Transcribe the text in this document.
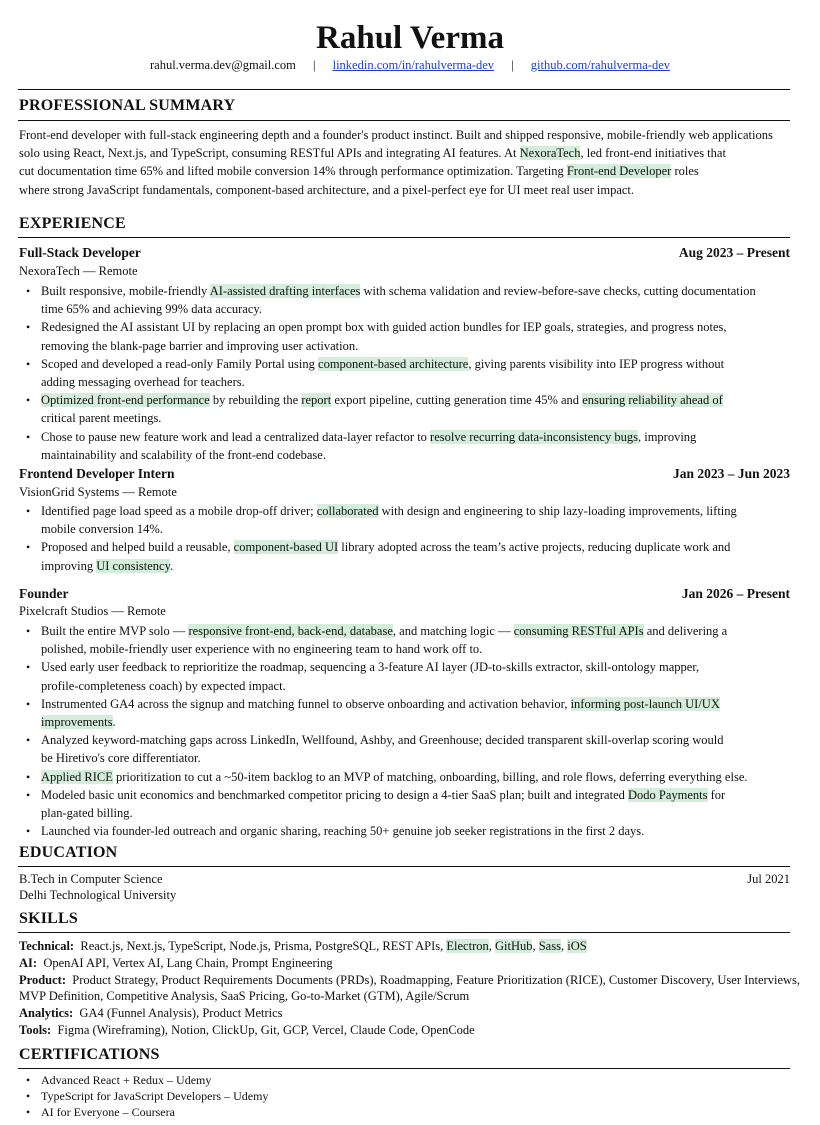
Rahul Verma
rahul.verma.dev@gmail.com | linkedin.com/in/rahulverma-dev | github.com/rahulverma-dev
PROFESSIONAL SUMMARY
Front-end developer with full-stack engineering depth and a founder's product instinct. Built and shipped responsive, mobile-friendly web applications
solo using React, Next.js, and TypeScript, consuming RESTful APIs and integrating AI features. At NexoraTech, led front-end initiatives that
cut documentation time 65% and lifted mobile conversion 14% through performance optimization. Targeting Front-end Developer roles
where strong JavaScript fundamentals, component-based architecture, and a pixel-perfect eye for UI meet real user impact.
EXPERIENCE
Full-Stack Developer	Aug 2023 – Present
NexoraTech — Remote
• Built responsive, mobile-friendly AI-assisted drafting interfaces with schema validation and review-before-save checks, cutting documentation
time 65% and achieving 99% data accuracy.
• Redesigned the AI assistant UI by replacing an open prompt box with guided action bundles for IEP goals, strategies, and progress notes,
removing the blank-page barrier and improving user activation.
• Scoped and developed a read-only Family Portal using component-based architecture, giving parents visibility into IEP progress without
adding messaging overhead for teachers.
• Optimized front-end performance by rebuilding the report export pipeline, cutting generation time 45% and ensuring reliability ahead of
critical parent meetings.
• Chose to pause new feature work and lead a centralized data-layer refactor to resolve recurring data-inconsistency bugs, improving
maintainability and scalability of the front-end codebase.
Frontend Developer Intern	Jan 2023 – Jun 2023
VisionGrid Systems — Remote
• Identified page load speed as a mobile drop-off driver; collaborated with design and engineering to ship lazy-loading improvements, lifting
mobile conversion 14%.
• Proposed and helped build a reusable, component-based UI library adopted across the team’s active projects, reducing duplicate work and
improving UI consistency.
Founder	Jan 2026 – Present
Pixelcraft Studios — Remote
• Built the entire MVP solo — responsive front-end, back-end, database, and matching logic — consuming RESTful APIs and delivering a
polished, mobile-friendly user experience with no engineering team to hand work off to.
• Used early user feedback to reprioritize the roadmap, sequencing a 3-feature AI layer (JD-to-skills extractor, skill-ontology mapper,
profile-completeness coach) by expected impact.
• Instrumented GA4 across the signup and matching funnel to observe onboarding and activation behavior, informing post-launch UI/UX
improvements.
• Analyzed keyword-matching gaps across LinkedIn, Wellfound, Ashby, and Greenhouse; decided transparent skill-overlap scoring would
be Hiretivo's core differentiator.
• Applied RICE prioritization to cut a ~50-item backlog to an MVP of matching, onboarding, billing, and role flows, deferring everything else.
• Modeled basic unit economics and benchmarked competitor pricing to design a 4-tier SaaS plan; built and integrated Dodo Payments for
plan-gated billing.
• Launched via founder-led outreach and organic sharing, reaching 50+ genuine job seeker registrations in the first 2 days.
EDUCATION
B.Tech in Computer Science	Jul 2021
Delhi Technological University
SKILLS
Technical: React.js, Next.js, TypeScript, Node.js, Prisma, PostgreSQL, REST APIs, Electron, GitHub, Sass, iOS
AI: OpenAI API, Vertex AI, Lang Chain, Prompt Engineering
Product: Product Strategy, Product Requirements Documents (PRDs), Roadmapping, Feature Prioritization (RICE), Customer Discovery, User Interviews,
MVP Definition, Competitive Analysis, SaaS Pricing, Go-to-Market (GTM), Agile/Scrum
Analytics: GA4 (Funnel Analysis), Product Metrics
Tools: Figma (Wireframing), Notion, ClickUp, Git, GCP, Vercel, Claude Code, OpenCode
CERTIFICATIONS
• Advanced React + Redux – Udemy
• TypeScript for JavaScript Developers – Udemy
• AI for Everyone – Coursera
